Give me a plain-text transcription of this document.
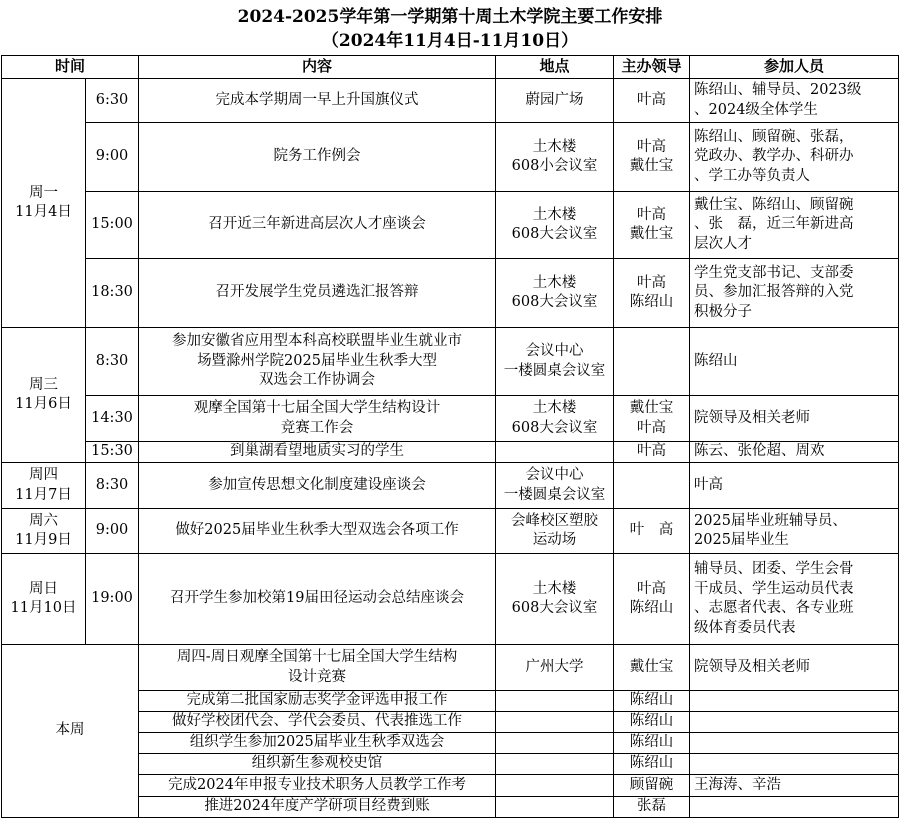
2024-2025学年第一学期第十周土木学院主要工作安排
（2024年11月4日-11月10日）
时间		内容	地点	主办领导	参加人员
周一
11月4日	6:30	完成本学期周一早上升国旗仪式	蔚园广场	叶高	陈绍山、辅导员、2023级
、2024级全体学生
	9:00	院务工作例会	土木楼
608小会议室	叶高
戴仕宝	陈绍山、顾留碗、张磊，
党政办、教学办、科研办
、学工办等负责人
	15:00	召开近三年新进高层次人才座谈会	土木楼
608大会议室	叶高
戴仕宝	戴仕宝、陈绍山、顾留碗
、张　磊，近三年新进高
层次人才
	18:30	召开发展学生党员遴选汇报答辩	土木楼
608大会议室	叶高
陈绍山	学生党支部书记、支部委
员、参加汇报答辩的入党
积极分子
周三
11月6日	8:30	参加安徽省应用型本科高校联盟毕业生就业市
场暨滁州学院2025届毕业生秋季大型
双选会工作协调会	会议中心
一楼圆桌会议室		陈绍山
	14:30	观摩全国第十七届全国大学生结构设计
竞赛工作会	土木楼
608大会议室	戴仕宝
叶高	院领导及相关老师
	15:30	到巢湖看望地质实习的学生		叶高	陈云、张伦超、周欢
周四
11月7日	8:30	参加宣传思想文化制度建设座谈会	会议中心
一楼圆桌会议室		叶高
周六
11月9日	9:00	做好2025届毕业生秋季大型双选会各项工作	会峰校区塑胶
运动场	叶　高	2025届毕业班辅导员、
2025届毕业生
周日
11月10日	19:00	召开学生参加校第19届田径运动会总结座谈会	土木楼
608大会议室	叶高
陈绍山	辅导员、团委、学生会骨
干成员、学生运动员代表
、志愿者代表、各专业班
级体育委员代表
本周		周四-周日观摩全国第十七届全国大学生结构
设计竞赛	广州大学	戴仕宝	院领导及相关老师
		完成第二批国家励志奖学金评选申报工作		陈绍山	
		做好学校团代会、学代会委员、代表推选工作		陈绍山	
		组织学生参加2025届毕业生秋季双选会		陈绍山	
		组织新生参观校史馆		陈绍山	
		完成2024年申报专业技术职务人员教学工作考		顾留碗	王海涛、辛浩
		推进2024年度产学研项目经费到账		张磊	
